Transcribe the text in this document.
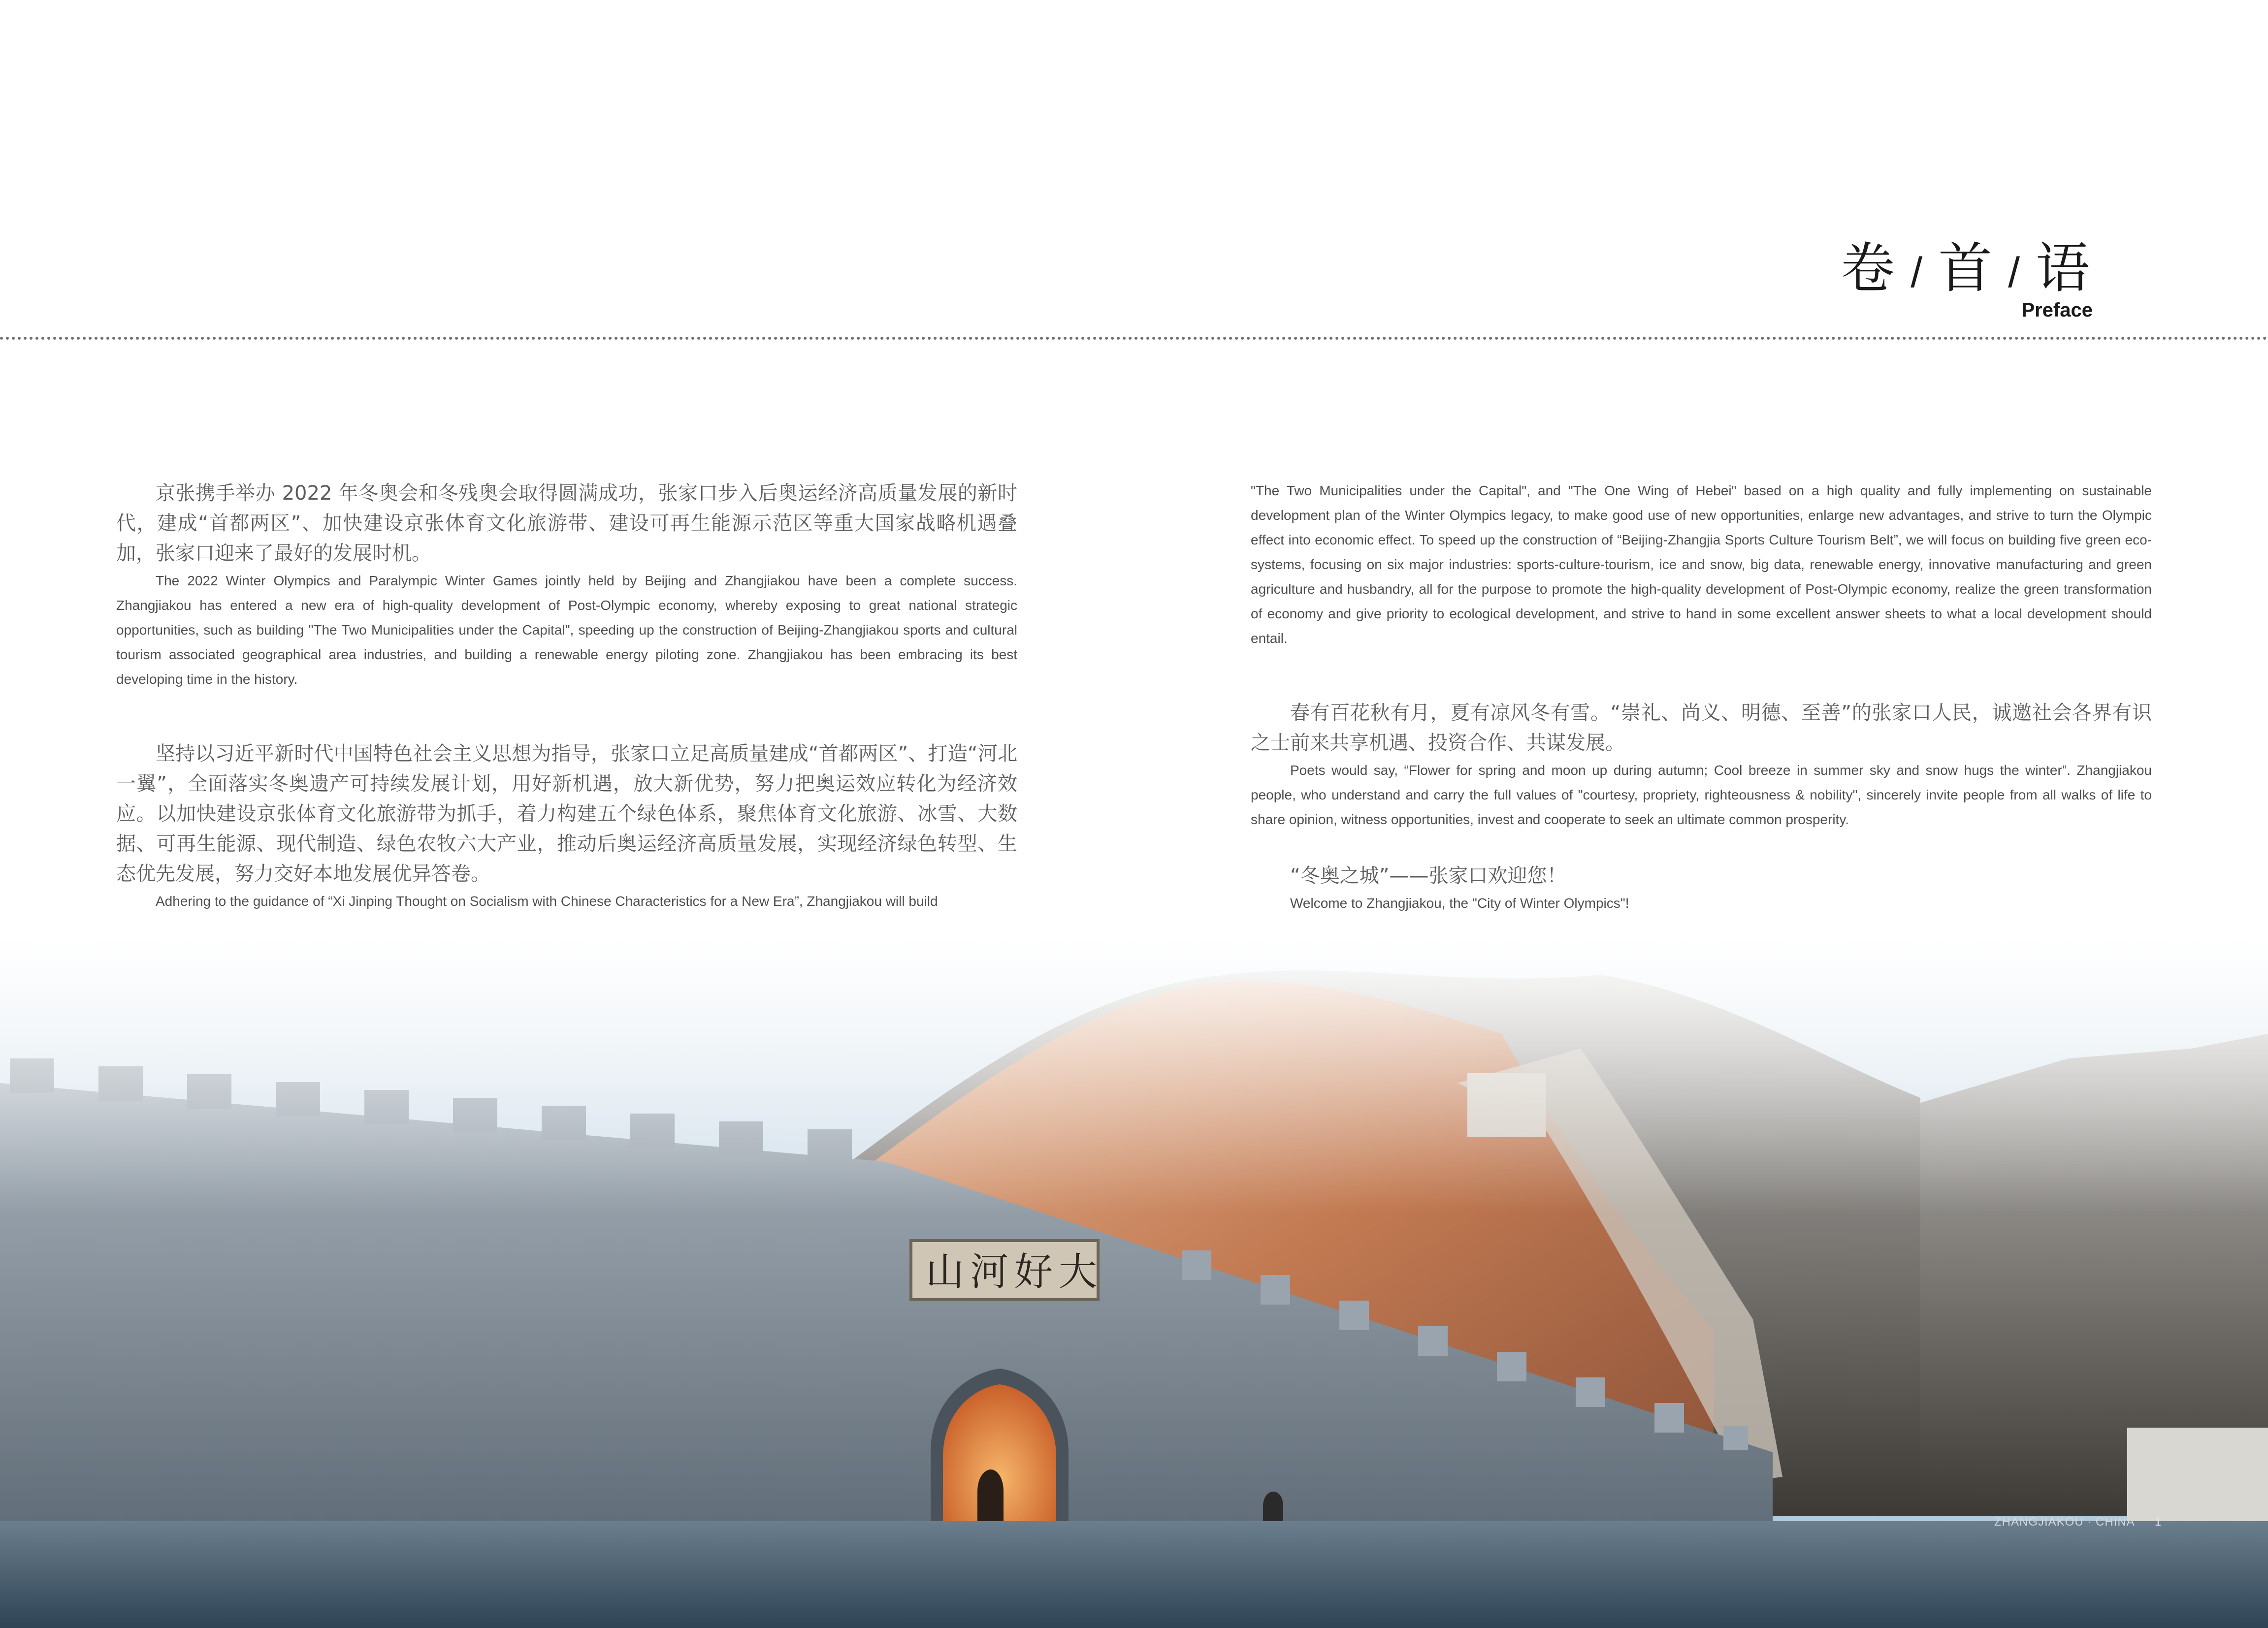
卷 / 首 / 语
Preface

京张携手举办 2022 年冬奥会和冬残奥会取得圆满成功，张家口步入后奥运经济高质量发展的新时代，建成“首都两区”、加快建设京张体育文化旅游带、建设可再生能源示范区等重大国家战略机遇叠加，张家口迎来了最好的发展时机。

The 2022 Winter Olympics and Paralympic Winter Games jointly held by Beijing and Zhangjiakou have been a complete success. Zhangjiakou has entered a new era of high-quality development of Post-Olympic economy, whereby exposing to great national strategic opportunities, such as building "The Two Municipalities under the Capital", speeding up the construction of Beijing-Zhangjiakou sports and cultural tourism associated geographical area industries, and building a renewable energy piloting zone. Zhangjiakou has been embracing its best developing time in the history.

坚持以习近平新时代中国特色社会主义思想为指导，张家口立足高质量建成“首都两区”、打造“河北一翼”，全面落实冬奥遗产可持续发展计划，用好新机遇，放大新优势，努力把奥运效应转化为经济效应。以加快建设京张体育文化旅游带为抓手，着力构建五个绿色体系，聚焦体育文化旅游、冰雪、大数据、可再生能源、现代制造、绿色农牧六大产业，推动后奥运经济高质量发展，实现经济绿色转型、生态优先发展，努力交好本地发展优异答卷。

Adhering to the guidance of “Xi Jinping Thought on Socialism with Chinese Characteristics for a New Era”, Zhangjiakou will build

"The Two Municipalities under the Capital", and "The One Wing of Hebei" based on a high quality and fully implementing on sustainable development plan of the Winter Olympics legacy, to make good use of new opportunities, enlarge new advantages, and strive to turn the Olympic effect into economic effect. To speed up the construction of “Beijing-Zhangjia Sports Culture Tourism Belt”, we will focus on building five green eco-systems, focusing on six major industries: sports-culture-tourism, ice and snow, big data, renewable energy, innovative manufacturing and green agriculture and husbandry, all for the purpose to promote the high-quality development of Post-Olympic economy, realize the green transformation of economy and give priority to ecological development, and strive to hand in some excellent answer sheets to what a local development should entail.

春有百花秋有月，夏有凉风冬有雪。“崇礼、尚义、明德、至善”的张家口人民，诚邀社会各界有识之士前来共享机遇、投资合作、共谋发展。

Poets would say, “Flower for spring and moon up during autumn; Cool breeze in summer sky and snow hugs the winter”. Zhangjiakou people, who understand and carry the full values of "courtesy, propriety, righteousness & nobility", sincerely invite people from all walks of life to share opinion, witness opportunities, invest and cooperate to seek an ultimate common prosperity.

“冬奥之城”——张家口欢迎您！

Welcome to Zhangjiakou, the "City of Winter Olympics"!

ZHANGJIAKOU · CHINA 1
